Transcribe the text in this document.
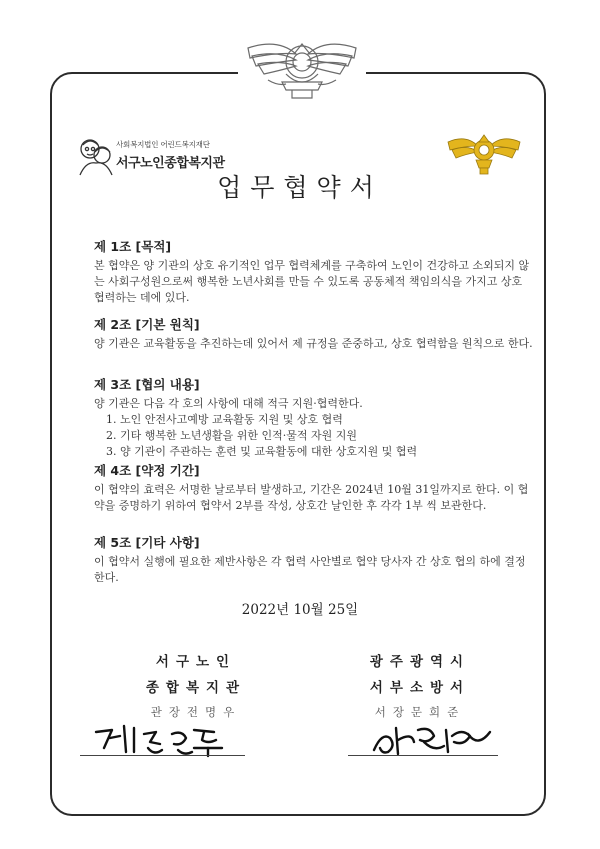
사회복지법인 어린드복지재단
서구노인종합복지관
업무협약서
제 1조 [목적]

본 협약은 양 기관의 상호 유기적인 업무 협력체계를 구축하여 노인이 건강하고 소외되지 않는 사회구성원으로써 행복한 노년사회를 만들 수 있도록 공동체적 책임의식을 가지고 상호 협력하는 데에 있다.

제 2조 [기본 원칙]

양 기관은 교육활동을 추진하는데 있어서 제 규정을 준중하고, 상호 협력함을 원칙으로 한다.

제 3조 [협의 내용]

양 기관은 다음 각 호의 사항에 대해 적극 지원·협력한다.

1. 노인 안전사고예방 교육활동 지원 및 상호 협력
2. 기타 행복한 노년생활을 위한 인적·물적 자원 지원
3. 양 기관이 주관하는 훈련 및 교육활동에 대한 상호지원 및 협력
제 4조 [약정 기간]

이 협약의 효력은 서명한 날로부터 발생하고, 기간은 2024년 10월 31일까지로 한다. 이 협약을 증명하기 위하여 협약서 2부를 작성, 상호간 날인한 후 각각 1부 씩 보관한다.

제 5조 [기타 사항]

이 협약서 실행에 필요한 제반사항은 각 협력 사안별로 협약 당사자 간 상호 협의 하에 결정한다.

2022년 10월 25일
서구노인
종합복지관
관장전명우
광주광역시
서부소방서
서장문희준
